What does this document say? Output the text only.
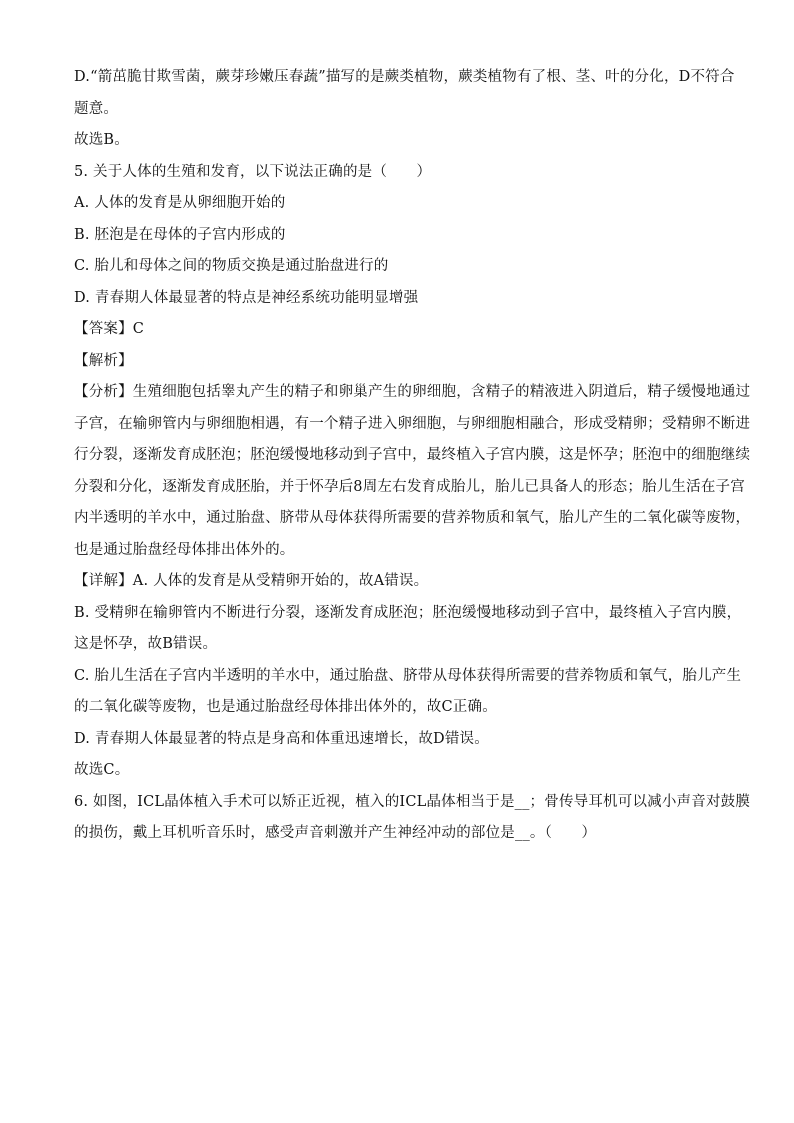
D.“箭茁脆甘欺雪菌，蕨芽珍嫩压春蔬”描写的是蕨类植物，蕨类植物有了根、茎、叶的分化，D不符合
题意。
故选B。
5. 关于人体的生殖和发育，以下说法正确的是（　　）
A. 人体的发育是从卵细胞开始的
B. 胚泡是在母体的子宫内形成的
C. 胎儿和母体之间的物质交换是通过胎盘进行的
D. 青春期人体最显著的特点是神经系统功能明显增强
【答案】C
【解析】
【分析】生殖细胞包括睾丸产生的精子和卵巢产生的卵细胞，含精子的精液进入阴道后，精子缓慢地通过
子宫，在输卵管内与卵细胞相遇，有一个精子进入卵细胞，与卵细胞相融合，形成受精卵；受精卵不断进
行分裂，逐渐发育成胚泡；胚泡缓慢地移动到子宫中，最终植入子宫内膜，这是怀孕；胚泡中的细胞继续
分裂和分化，逐渐发育成胚胎，并于怀孕后8周左右发育成胎儿，胎儿已具备人的形态；胎儿生活在子宫
内半透明的羊水中，通过胎盘、脐带从母体获得所需要的营养物质和氧气，胎儿产生的二氧化碳等废物，
也是通过胎盘经母体排出体外的。
【详解】A. 人体的发育是从受精卵开始的，故A错误。
B. 受精卵在输卵管内不断进行分裂，逐渐发育成胚泡；胚泡缓慢地移动到子宫中，最终植入子宫内膜，
这是怀孕，故B错误。
C. 胎儿生活在子宫内半透明的羊水中，通过胎盘、脐带从母体获得所需要的营养物质和氧气，胎儿产生
的二氧化碳等废物，也是通过胎盘经母体排出体外的，故C正确。
D. 青春期人体最显著的特点是身高和体重迅速增长，故D错误。
故选C。
6. 如图，ICL晶体植入手术可以矫正近视，植入的ICL晶体相当于是__；骨传导耳机可以减小声音对鼓膜
的损伤，戴上耳机听音乐时，感受声音刺激并产生神经冲动的部位是__。（　　）
